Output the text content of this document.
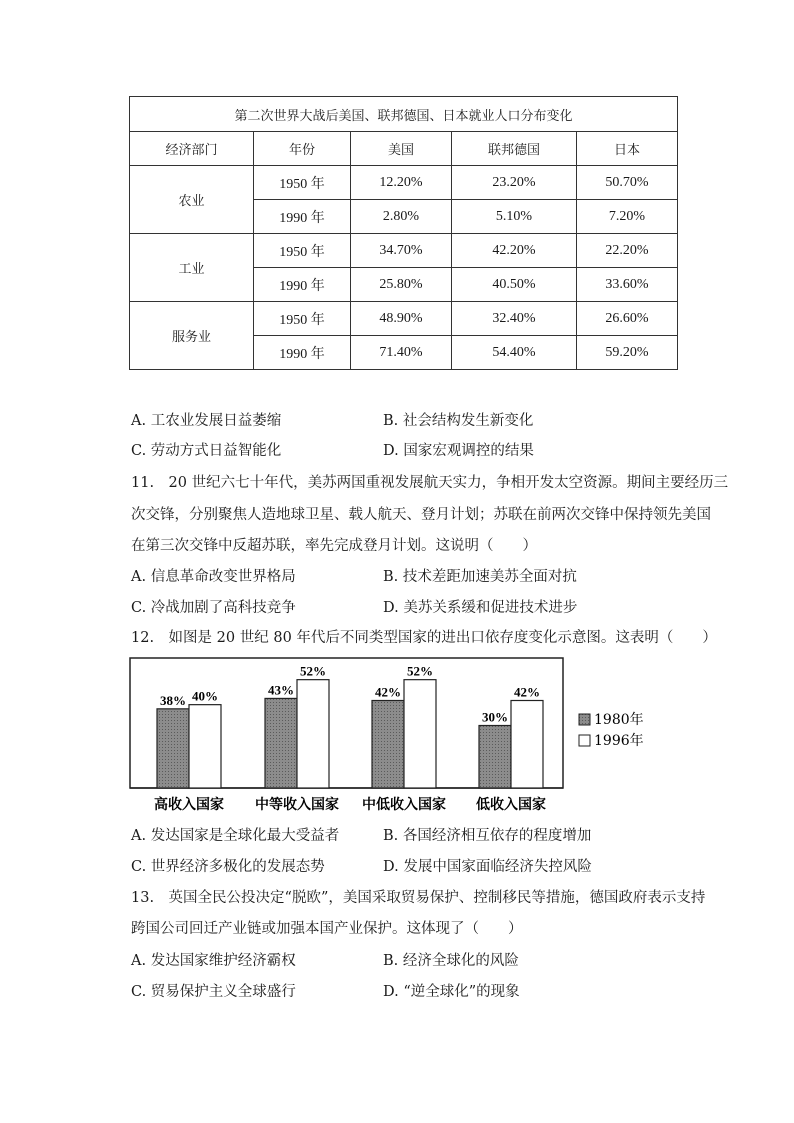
第二次世界大战后美国、联邦德国、日本就业人口分布变化				
经济部门	年份	美国	联邦德国	日本
农业	1950 年	12.20%	23.20%	50.70%
	1990 年	2.80%	5.10%	7.20%
工业	1950 年	34.70%	42.20%	22.20%
	1990 年	25.80%	40.50%	33.60%
服务业	1950 年	48.90%	32.40%	26.60%
	1990 年	71.40%	54.40%	59.20%
A. 工农业发展日益萎缩	B. 社会结构发生新变化
C. 劳动方式日益智能化	D. 国家宏观调控的结果
11.　20 世纪六七十年代，美苏两国重视发展航天实力，争相开发太空资源。期间主要经历三
次交锋，分别聚焦人造地球卫星、载人航天、登月计划；苏联在前两次交锋中保持领先美国
在第三次交锋中反超苏联，率先完成登月计划。这说明（　　）
A. 信息革命改变世界格局	B. 技术差距加速美苏全面对抗
C. 冷战加剧了高科技竞争	D. 美苏关系缓和促进技术进步
12.　如图是 20 世纪 80 年代后不同类型国家的进出口依存度变化示意图。这表明（　　）
38% 40%
高收入国家
43%
52%
中等收入国家
42%
52%
中低收入国家
30%
42%
低收入国家
1980年
1996年
A. 发达国家是全球化最大受益者	B. 各国经济相互依存的程度增加
C. 世界经济多极化的发展态势	D. 发展中国家面临经济失控风险
13.　英国全民公投决定“脱欧”，美国采取贸易保护、控制移民等措施，德国政府表示支持
跨国公司回迁产业链或加强本国产业保护。这体现了（　　）
A. 发达国家维护经济霸权	B. 经济全球化的风险
C. 贸易保护主义全球盛行	D. “逆全球化”的现象
